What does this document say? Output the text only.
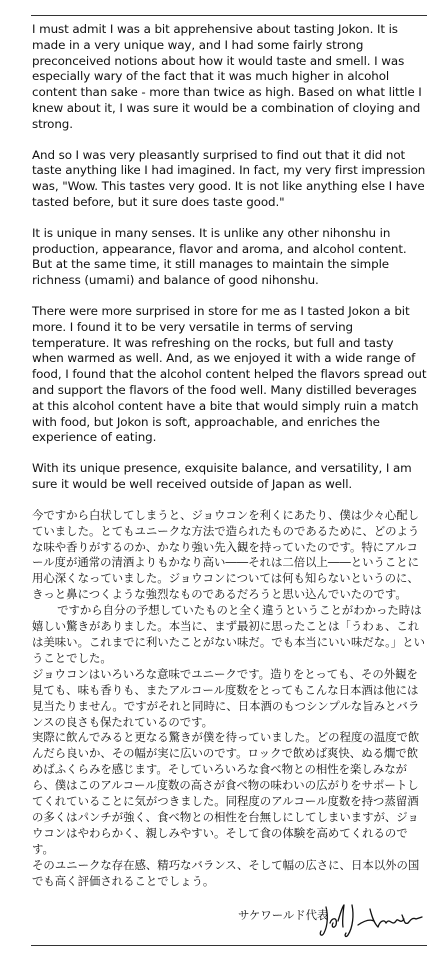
I must admit I was a bit apprehensive about tasting Jokon. It is made in a very unique way, and I had some fairly strong preconceived notions about how it would taste and smell. I was especially wary of the fact that it was much higher in alcohol content than sake - more than twice as high. Based on what little I knew about it, I was sure it would be a combination of cloying and strong.

And so I was very pleasantly surprised to find out that it did not taste anything like I had imagined. In fact, my very first impression was, "Wow. This tastes very good. It is not like anything else I have tasted before, but it sure does taste good."

It is unique in many senses. It is unlike any other nihonshu in production, appearance, flavor and aroma, and alcohol content. But at the same time, it still manages to maintain the simple richness (umami) and balance of good nihonshu.

There were more surprised in store for me as I tasted Jokon a bit more. I found it to be very versatile in terms of serving temperature. It was refreshing on the rocks, but full and tasty when warmed as well. And, as we enjoyed it with a wide range of food, I found that the alcohol content helped the flavors spread out and support the flavors of the food well. Many distilled beverages at this alcohol content have a bite that would simply ruin a match with food, but Jokon is soft, approachable, and enriches the experience of eating.

With its unique presence, exquisite balance, and versatility, I am sure it would be well received outside of Japan as well.

今ですから白状してしまうと、ジョウコンを利くにあたり、僕は少々心配していました。とてもユニークな方法で造られたものであるために、どのような味や香りがするのか、かなり強い先入観を持っていたのです。特にアルコール度が通常の清酒よりもかなり高い――それは二倍以上――ということに用心深くなっていました。ジョウコンについては何も知らないというのに、きっと鼻につくような強烈なものであるだろうと思い込んでいたのです。

ですから自分の予想していたものと全く違うということがわかった時は嬉しい驚きがありました。本当に、まず最初に思ったことは「うわぁ、これは美味い。これまでに利いたことがない味だ。でも本当にいい味だな。」ということでした。

ジョウコンはいろいろな意味でユニークです。造りをとっても、その外観を見ても、味も香りも、またアルコール度数をとってもこんな日本酒は他には見当たりません。ですがそれと同時に、日本酒のもつシンプルな旨みとバランスの良さも保たれているのです。

実際に飲んでみると更なる驚きが僕を待っていました。どの程度の温度で飲んだら良いか、その幅が実に広いのです。ロックで飲めば爽快、ぬる燗で飲めばふくらみを感じます。そしていろいろな食べ物との相性を楽しみながら、僕はこのアルコール度数の高さが食べ物の味わいの広がりをサポートしてくれていることに気がつきました。同程度のアルコール度数を持つ蒸留酒の多くはパンチが強く、食べ物との相性を台無しにしてしまいますが、ジョウコンはやわらかく、親しみやすい。そして食の体験を高めてくれるのです。

そのユニークな存在感、精巧なバランス、そして幅の広さに、日本以外の国でも高く評価されることでしょう。

サケワールド代表
